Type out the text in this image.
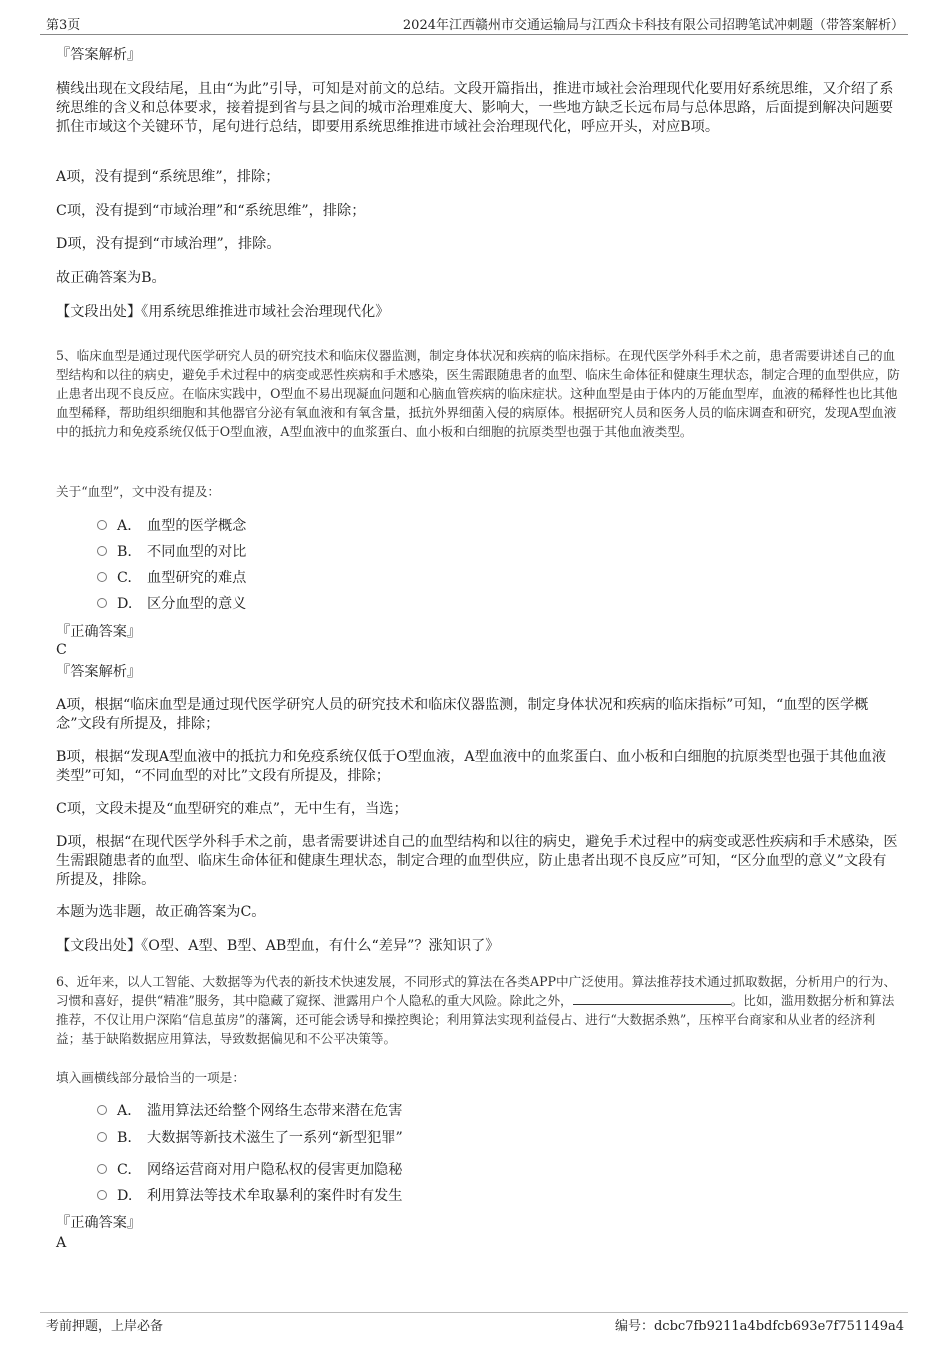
第3页	2024年江西赣州市交通运输局与江西众卡科技有限公司招聘笔试冲刺题（带答案解析）

『答案解析』

横线出现在文段结尾，且由“为此”引导，可知是对前文的总结。文段开篇指出，推进市域社会治理现代化要用好系统思维，又介绍了系统思维的含义和总体要求，接着提到省与县之间的城市治理难度大、影响大，一些地方缺乏长远布局与总体思路，后面提到解决问题要抓住市域这个关键环节，尾句进行总结，即要用系统思维推进市域社会治理现代化，呼应开头，对应B项。

A项，没有提到“系统思维”，排除；

C项，没有提到“市域治理”和“系统思维”，排除；

D项，没有提到“市域治理”，排除。

故正确答案为B。

【文段出处】《用系统思维推进市域社会治理现代化》

5、临床血型是通过现代医学研究人员的研究技术和临床仪器监测，制定身体状况和疾病的临床指标。在现代医学外科手术之前，患者需要讲述自己的血型结构和以往的病史，避免手术过程中的病变或恶性疾病和手术感染，医生需跟随患者的血型、临床生命体征和健康生理状态，制定合理的血型供应，防止患者出现不良反应。在临床实践中，O型血不易出现凝血问题和心脑血管疾病的临床症状。这种血型是由于体内的万能血型库，血液的稀释性也比其他血型稀释，帮助组织细胞和其他器官分泌有氧血液和有氧含量，抵抗外界细菌入侵的病原体。根据研究人员和医务人员的临床调查和研究，发现A型血液中的抵抗力和免疫系统仅低于O型血液，A型血液中的血浆蛋白、血小板和白细胞的抗原类型也强于其他血液类型。

关于“血型”，文中没有提及：

A． 血型的医学概念
B. 不同血型的对比
C. 血型研究的难点
D. 区分血型的意义

『正确答案』

C

『答案解析』

A项，根据“临床血型是通过现代医学研究人员的研究技术和临床仪器监测，制定身体状况和疾病的临床指标”可知，“血型的医学概念”文段有所提及，排除；

B项，根据“发现A型血液中的抵抗力和免疫系统仅低于O型血液，A型血液中的血浆蛋白、血小板和白细胞的抗原类型也强于其他血液类型”可知，“不同血型的对比”文段有所提及，排除；

C项，文段未提及“血型研究的难点”，无中生有，当选；

D项，根据“在现代医学外科手术之前，患者需要讲述自己的血型结构和以往的病史，避免手术过程中的病变或恶性疾病和手术感染，医生需跟随患者的血型、临床生命体征和健康生理状态，制定合理的血型供应，防止患者出现不良反应”可知，“区分血型的意义”文段有所提及，排除。

本题为选非题，故正确答案为C。

【文段出处】《O型、A型、B型、AB型血，有什么“差异”？涨知识了》

6、近年来，以人工智能、大数据等为代表的新技术快速发展，不同形式的算法在各类APP中广泛使用。算法推荐技术通过抓取数据，分析用户的行为、习惯和喜好，提供“精准”服务，其中隐藏了窥探、泄露用户个人隐私的重大风险。除此之外，	。比如，滥用数据分析和算法推荐，不仅让用户深陷“信息茧房”的藩篱，还可能会诱导和操控舆论；利用算法实现利益侵占、进行“大数据杀熟”，压榨平台商家和从业者的经济利益；基于缺陷数据应用算法，导致数据偏见和不公平决策等。

填入画横线部分最恰当的一项是：

A． 滥用算法还给整个网络生态带来潜在危害
B. 大数据等新技术滋生了一系列“新型犯罪”
C. 网络运营商对用户隐私权的侵害更加隐秘
D. 利用算法等技术牟取暴利的案件时有发生

『正确答案』

A

考前押题，上岸必备	编号：dcbc7fb9211a4bdfcb693e7f751149a4
